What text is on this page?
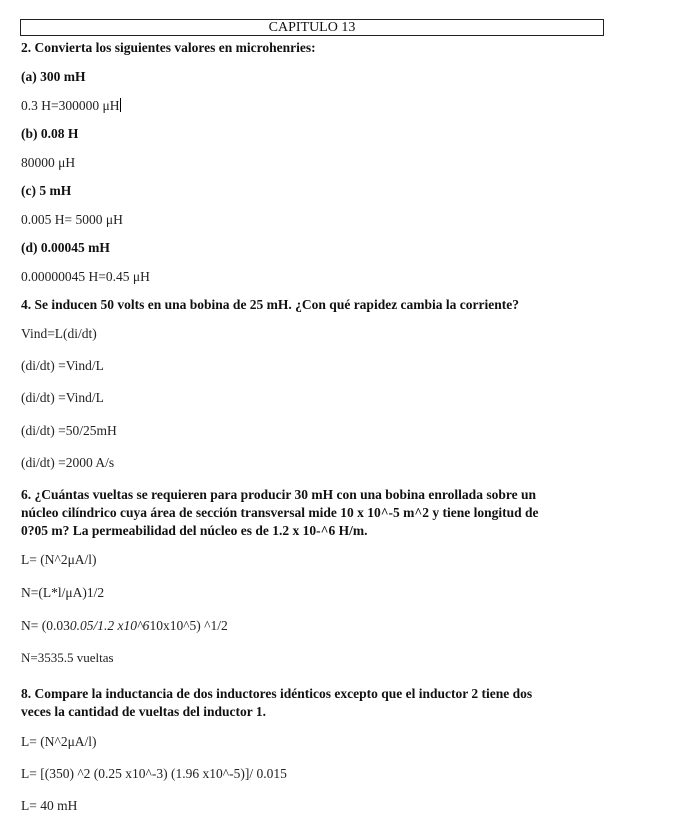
CAPITULO 13
2. Convierta los siguientes valores en microhenries:
(a) 300 mH
0.3 H=300000 μH
(b) 0.08 H
80000 μH
(c) 5 mH
0.005 H= 5000 μH
(d) 0.00045 mH
0.00000045 H=0.45 μH
4. Se inducen 50 volts en una bobina de 25 mH. ¿Con qué rapidez cambia la corriente?
Vind=L(di/dt)
(di/dt) =Vind/L
(di/dt) =Vind/L
(di/dt) =50/25mH
(di/dt) =2000 A/s
6. ¿Cuántas vueltas se requieren para producir 30 mH con una bobina enrollada sobre un
núcleo cilíndrico cuya área de sección transversal mide 10 x 10^-5 m^2 y tiene longitud de
0?05 m? La permeabilidad del núcleo es de 1.2 x 10-^6 H/m.
L= (N^2μA/l)
N=(L*l/μA)1/2
N= (0.030.05/1.2 x10^610x10^5) ^1/2
N=3535.5 vueltas
8. Compare la inductancia de dos inductores idénticos excepto que el inductor 2 tiene dos
veces la cantidad de vueltas del inductor 1.
L= (N^2μA/l)
L= [(350) ^2 (0.25 x10^-3) (1.96 x10^-5)]/ 0.015
L= 40 mH
